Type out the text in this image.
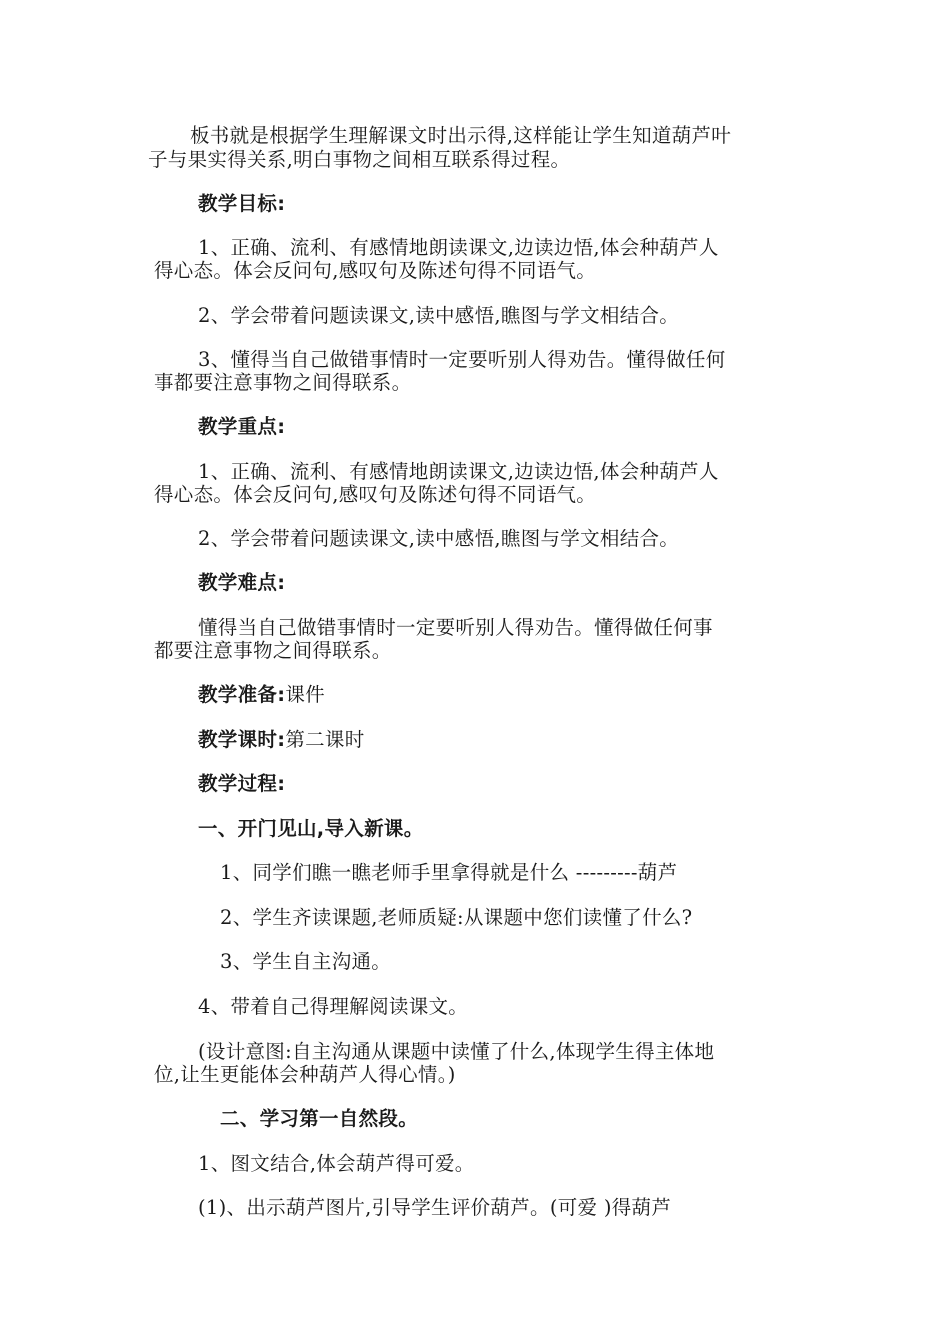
板书就是根据学生理解课文时出示得,这样能让学生知道葫芦叶

子与果实得关系,明白事物之间相互联系得过程。

教学目标:

1、正确、流利、有感情地朗读课文,边读边悟,体会种葫芦人

得心态。体会反问句,感叹句及陈述句得不同语气。

2、学会带着问题读课文,读中感悟,瞧图与学文相结合。

3、懂得当自己做错事情时一定要听别人得劝告。懂得做任何

事都要注意事物之间得联系。

教学重点:

1、正确、流利、有感情地朗读课文,边读边悟,体会种葫芦人

得心态。体会反问句,感叹句及陈述句得不同语气。

2、学会带着问题读课文,读中感悟,瞧图与学文相结合。

教学难点:

懂得当自己做错事情时一定要听别人得劝告。懂得做任何事

都要注意事物之间得联系。

教学准备:课件

教学课时:第二课时

教学过程:

一、开门见山,导入新课。

1、同学们瞧一瞧老师手里拿得就是什么 ---------葫芦

2、学生齐读课题,老师质疑:从课题中您们读懂了什么?

3、学生自主沟通。

4、带着自己得理解阅读课文。

(设计意图:自主沟通从课题中读懂了什么,体现学生得主体地

位,让生更能体会种葫芦人得心情。)

二、学习第一自然段。

1、图文结合,体会葫芦得可爱。

(1)、出示葫芦图片,引导学生评价葫芦。(可爱 )得葫芦
